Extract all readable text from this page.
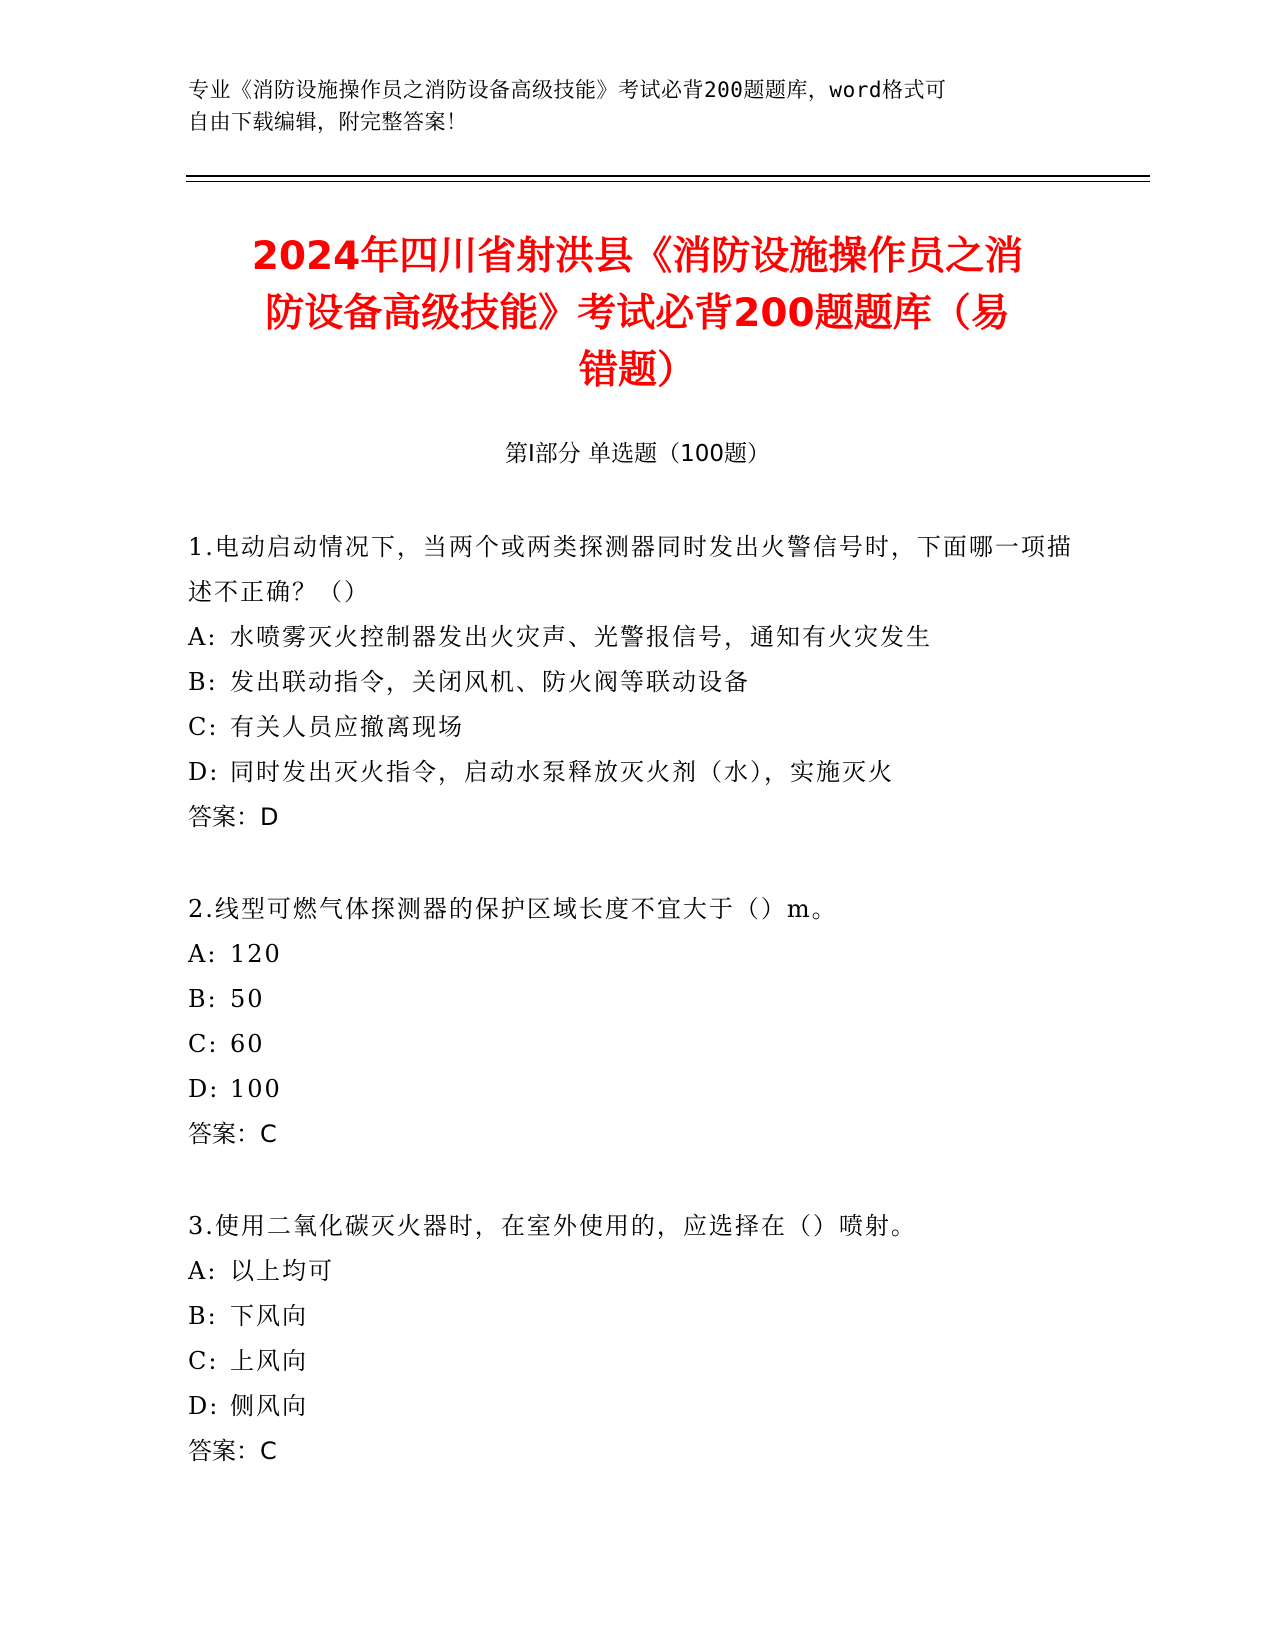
专业《消防设施操作员之消防设备高级技能》考试必背200题题库，word格式可
自由下载编辑，附完整答案！
2024年四川省射洪县《消防设施操作员之消
防设备高级技能》考试必背200题题库（易
错题）
第I部分 单选题（100题）
1.电动启动情况下，当两个或两类探测器同时发出火警信号时，下面哪一项描述不正确？（）
A: 水喷雾灭火控制器发出火灾声、光警报信号，通知有火灾发生
B: 发出联动指令，关闭风机、防火阀等联动设备
C: 有关人员应撤离现场
D: 同时发出灭火指令，启动水泵释放灭火剂（水），实施灭火
答案：D
2.线型可燃气体探测器的保护区域长度不宜大于（）m。
A: 120
B: 50
C: 60
D: 100
答案：C
3.使用二氧化碳灭火器时，在室外使用的，应选择在（）喷射。
A: 以上均可
B: 下风向
C: 上风向
D: 侧风向
答案：C
